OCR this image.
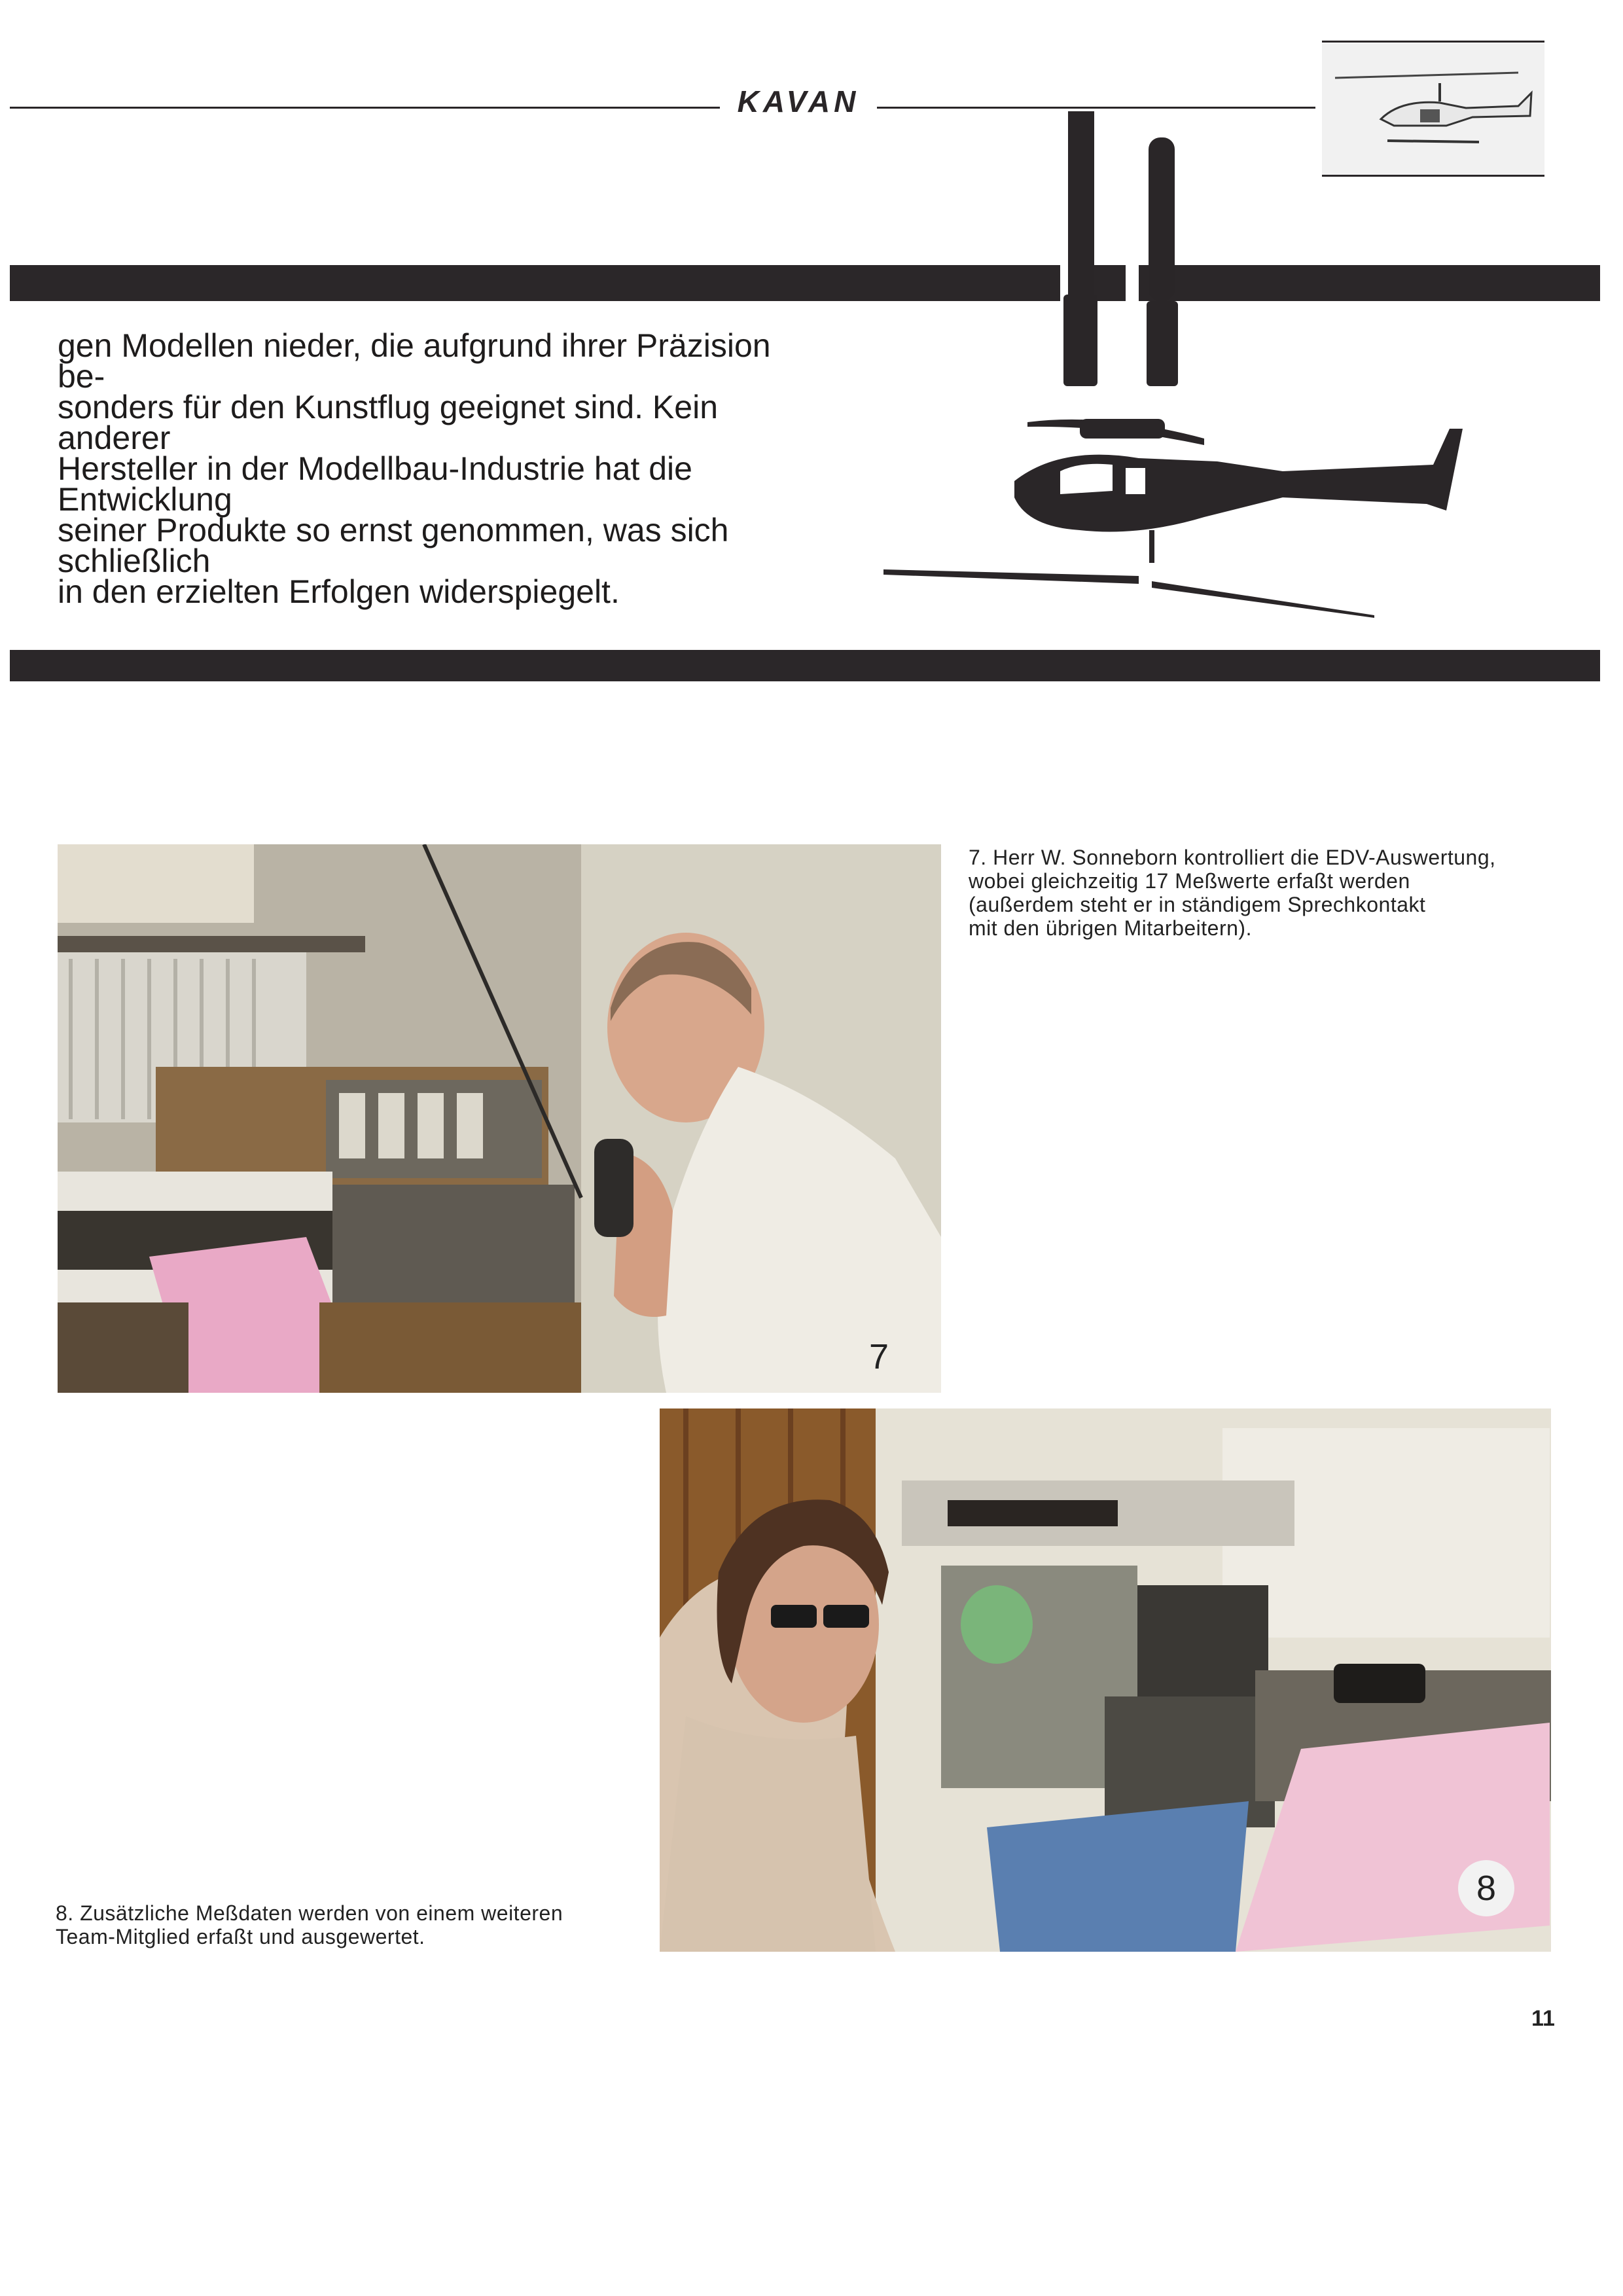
KAVAN

gen Modellen nieder, die aufgrund ihrer Präzision be-
sonders für den Kunstflug geeignet sind. Kein anderer
Hersteller in der Modellbau-Industrie hat die Entwicklung
seiner Produkte so ernst genommen, was sich schließlich
in den erzielten Erfolgen widerspiegelt.

7

7. Herr W. Sonneborn kontrolliert die EDV-Auswertung,
wobei gleichzeitig 17 Meßwerte erfaßt werden
(außerdem steht er in ständigem Sprechkontakt
mit den übrigen Mitarbeitern).

8

8. Zusätzliche Meßdaten werden von einem weiteren
Team-Mitglied erfaßt und ausgewertet.

11
